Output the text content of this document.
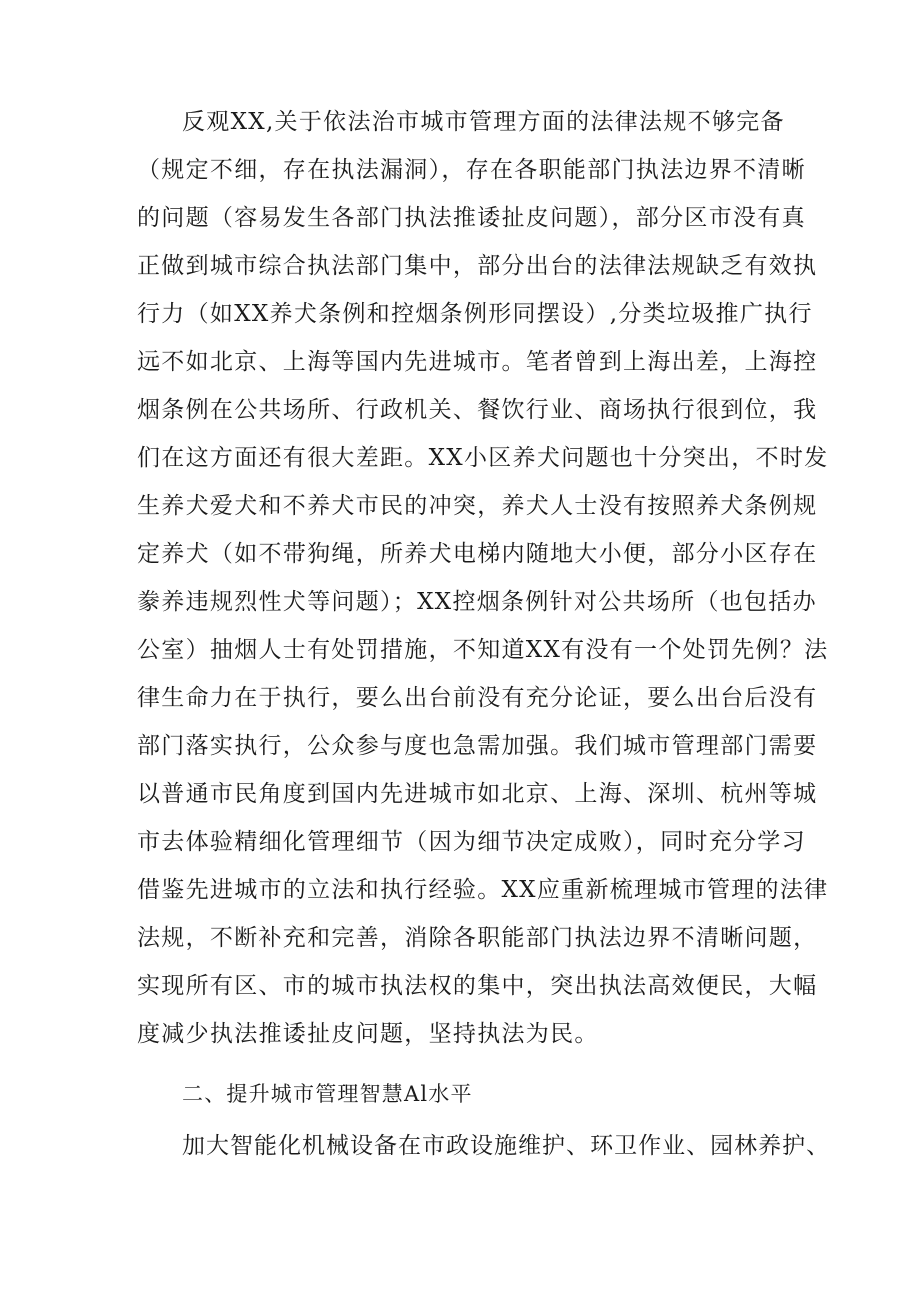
反观XX,关于依法治市城市管理方面的法律法规不够完备
（规定不细，存在执法漏洞），存在各职能部门执法边界不清晰
的问题（容易发生各部门执法推诿扯皮问题），部分区市没有真
正做到城市综合执法部门集中，部分出台的法律法规缺乏有效执
行力（如XX养犬条例和控烟条例形同摆设）,分类垃圾推广执行
远不如北京、上海等国内先进城市。笔者曾到上海出差，上海控
烟条例在公共场所、行政机关、餐饮行业、商场执行很到位，我
们在这方面还有很大差距。XX小区养犬问题也十分突出，不时发
生养犬爱犬和不养犬市民的冲突，养犬人士没有按照养犬条例规
定养犬（如不带狗绳，所养犬电梯内随地大小便，部分小区存在
豢养违规烈性犬等问题）；XX控烟条例针对公共场所（也包括办
公室）抽烟人士有处罚措施，不知道XX有没有一个处罚先例？法
律生命力在于执行，要么出台前没有充分论证，要么出台后没有
部门落实执行，公众参与度也急需加强。我们城市管理部门需要
以普通市民角度到国内先进城市如北京、上海、深圳、杭州等城
市去体验精细化管理细节（因为细节决定成败），同时充分学习
借鉴先进城市的立法和执行经验。XX应重新梳理城市管理的法律
法规，不断补充和完善，消除各职能部门执法边界不清晰问题，
实现所有区、市的城市执法权的集中，突出执法高效便民，大幅
度减少执法推诿扯皮问题，坚持执法为民。
二、提升城市管理智慧Al水平
加大智能化机械设备在市政设施维护、环卫作业、园林养护、
